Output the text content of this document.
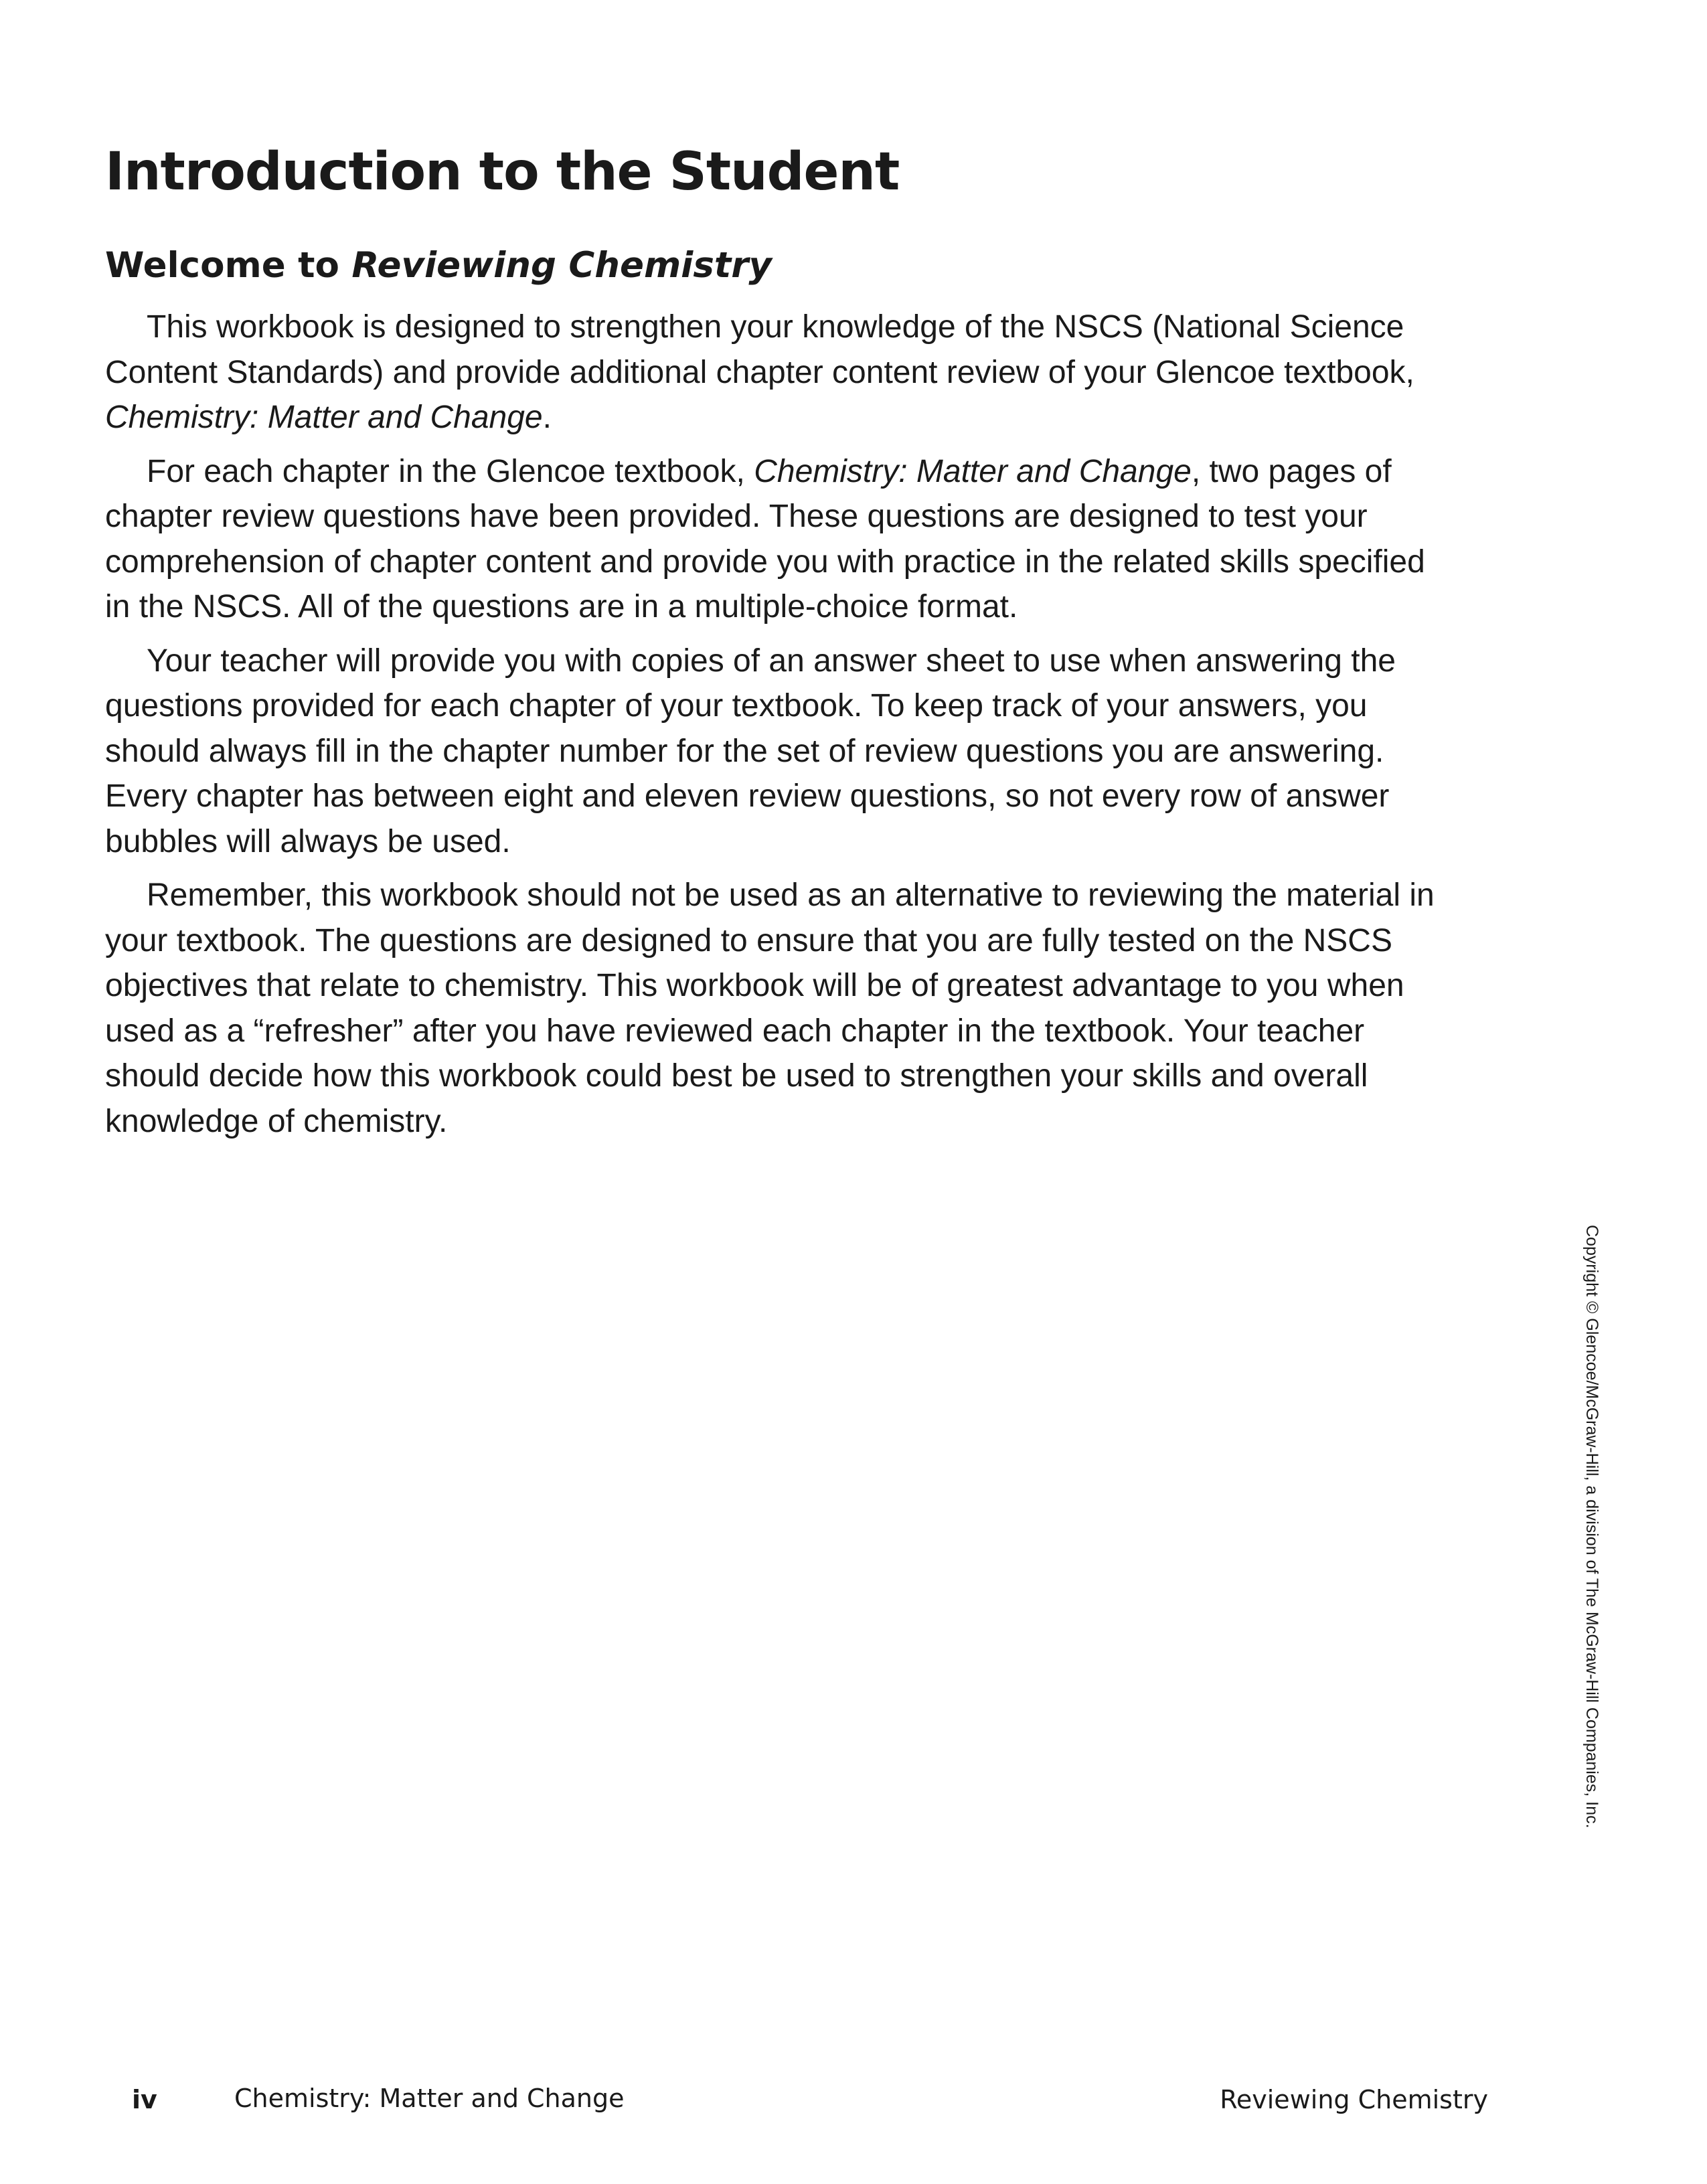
Introduction to the Student
Welcome to Reviewing Chemistry

This workbook is designed to strengthen your knowledge of the NSCS (National Science Content Standards) and provide additional chapter content review of your Glencoe textbook, Chemistry: Matter and Change.

For each chapter in the Glencoe textbook, Chemistry: Matter and Change, two pages of chapter review questions have been provided. These questions are designed to test your comprehension of chapter content and provide you with practice in the related skills specified in the NSCS. All of the questions are in a multiple-choice format.

Your teacher will provide you with copies of an answer sheet to use when answering the questions provided for each chapter of your textbook. To keep track of your answers, you should always fill in the chapter number for the set of review questions you are answering. Every chapter has between eight and eleven review questions, so not every row of answer bubbles will always be used.

Remember, this workbook should not be used as an alternative to reviewing the material in your textbook. The questions are designed to ensure that you are fully tested on the NSCS objectives that relate to chemistry. This workbook will be of greatest advantage to you when used as a “refresher” after you have reviewed each chapter in the textbook. Your teacher should decide how this workbook could best be used to strengthen your skills and overall knowledge of chemistry.

Copyright © Glencoe/McGraw-Hill, a division of The McGraw-Hill Companies, Inc.
iv	Chemistry: Matter and Change	Reviewing Chemistry
